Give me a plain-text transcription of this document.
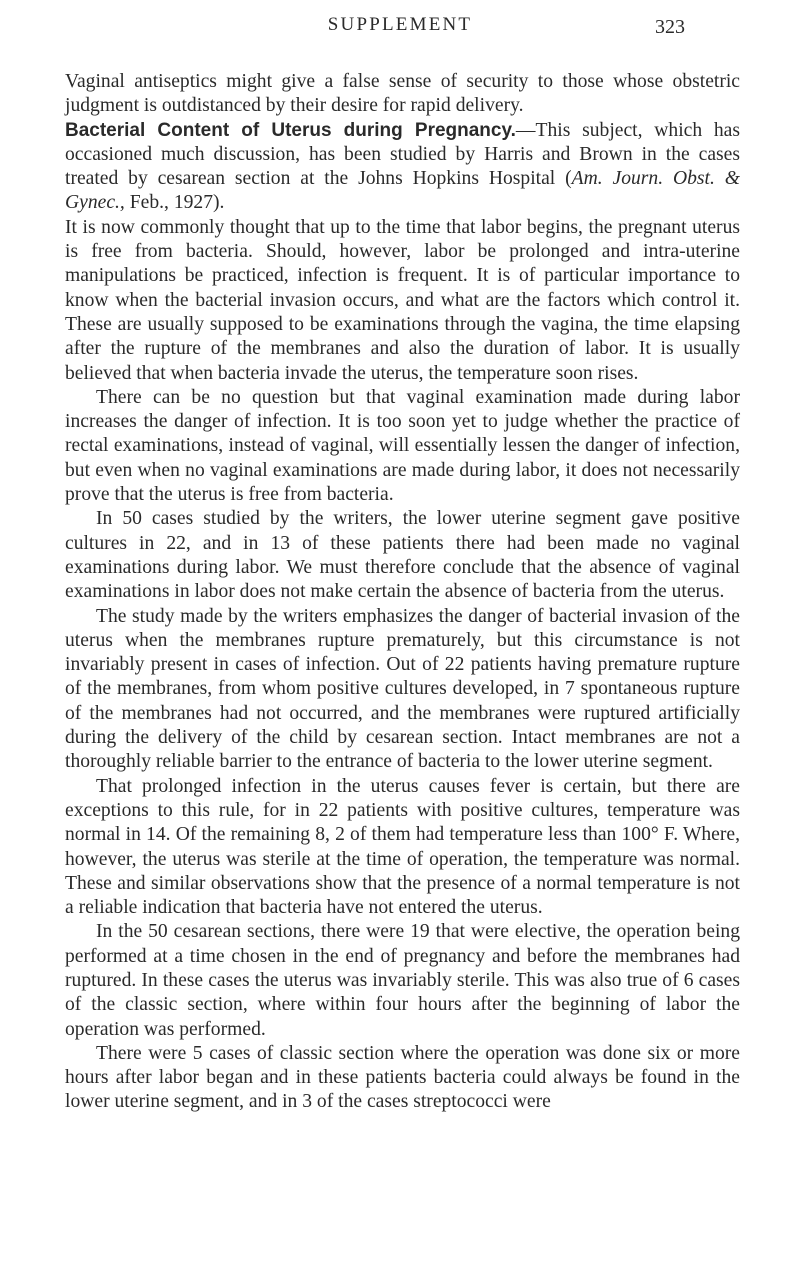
SUPPLEMENT	323

Vaginal antiseptics might give a false sense of security to those whose obstetric judgment is outdistanced by their desire for rapid delivery.

Bacterial Content of Uterus during Pregnancy.—This subject, which has occasioned much discussion, has been studied by Harris and Brown in the cases treated by cesarean section at the Johns Hopkins Hospital (Am. Journ. Obst. & Gynec., Feb., 1927).

It is now commonly thought that up to the time that labor begins, the pregnant uterus is free from bacteria. Should, however, labor be prolonged and intra-uterine manipulations be practiced, infection is frequent. It is of particular importance to know when the bacterial invasion occurs, and what are the factors which control it. These are usually supposed to be examinations through the vagina, the time elapsing after the rupture of the membranes and also the duration of labor. It is usually believed that when bacteria invade the uterus, the temperature soon rises.

There can be no question but that vaginal examination made during labor increases the danger of infection. It is too soon yet to judge whether the practice of rectal examinations, instead of vaginal, will essentially lessen the danger of infection, but even when no vaginal examinations are made during labor, it does not necessarily prove that the uterus is free from bacteria.

In 50 cases studied by the writers, the lower uterine segment gave positive cultures in 22, and in 13 of these patients there had been made no vaginal examinations during labor. We must therefore conclude that the absence of vaginal examinations in labor does not make certain the absence of bacteria from the uterus.

The study made by the writers emphasizes the danger of bacterial invasion of the uterus when the membranes rupture prematurely, but this circumstance is not invariably present in cases of infection. Out of 22 patients having premature rupture of the membranes, from whom positive cultures developed, in 7 spontaneous rupture of the membranes had not occurred, and the membranes were ruptured artificially during the delivery of the child by cesarean section. Intact membranes are not a thoroughly reliable barrier to the entrance of bacteria to the lower uterine segment.

That prolonged infection in the uterus causes fever is certain, but there are exceptions to this rule, for in 22 patients with positive cultures, temperature was normal in 14. Of the remaining 8, 2 of them had temperature less than 100° F. Where, however, the uterus was sterile at the time of operation, the temperature was normal. These and similar observations show that the presence of a normal temperature is not a reliable indication that bacteria have not entered the uterus.

In the 50 cesarean sections, there were 19 that were elective, the operation being performed at a time chosen in the end of pregnancy and before the membranes had ruptured. In these cases the uterus was invariably sterile. This was also true of 6 cases of the classic section, where within four hours after the beginning of labor the operation was performed.

There were 5 cases of classic section where the operation was done six or more hours after labor began and in these patients bacteria could always be found in the lower uterine segment, and in 3 of the cases streptococci were
